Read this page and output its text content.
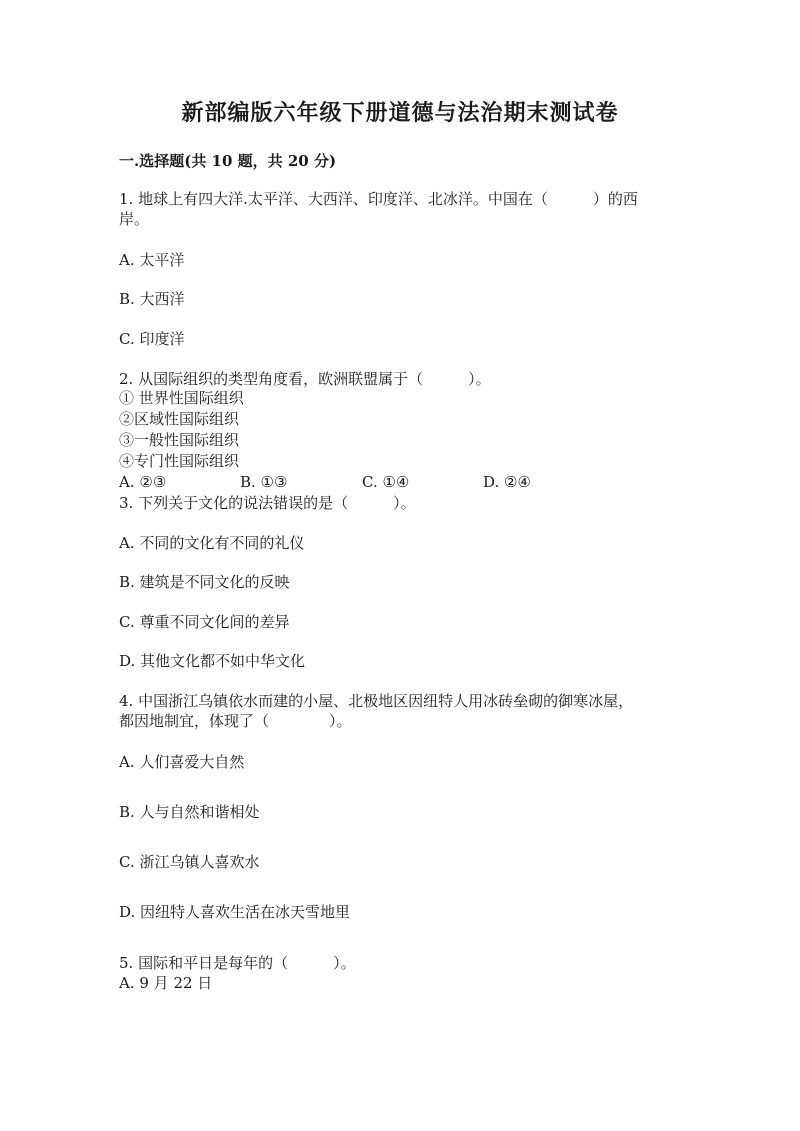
新部编版六年级下册道德与法治期末测试卷
一.选择题(共 10 题，共 20 分)
1. 地球上有四大洋.太平洋、大西洋、印度洋、北冰洋。中国在（　　　）的西
岸。
A. 太平洋
B. 大西洋
C. 印度洋
2. 从国际组织的类型角度看，欧洲联盟属于（　　　）。
① 世界性国际组织
②区域性国际组织
③一般性国际组织
④专门性国际组织
A. ②③	B. ①③	C. ①④	D. ②④
3. 下列关于文化的说法错误的是（　　　）。
A. 不同的文化有不同的礼仪
B. 建筑是不同文化的反映
C. 尊重不同文化间的差异
D. 其他文化都不如中华文化
4. 中国浙江乌镇依水而建的小屋、北极地区因纽特人用冰砖垒砌的御寒冰屋，
都因地制宜，体现了（　　　　）。
A. 人们喜爱大自然
B. 人与自然和谐相处
C. 浙江乌镇人喜欢水
D. 因纽特人喜欢生活在冰天雪地里
5. 国际和平日是每年的（　　　）。
A. 9 月 22 日
